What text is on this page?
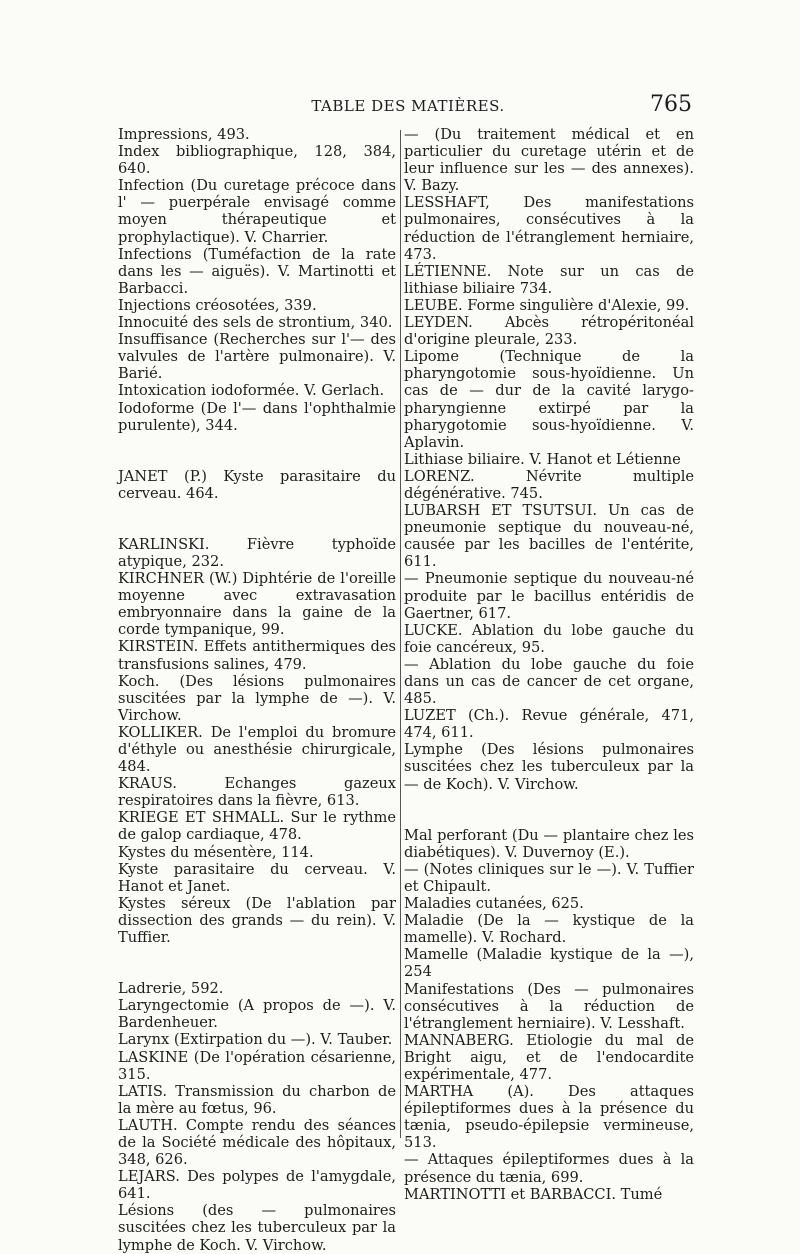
TABLE DES MATIÈRES.	765

Impressions, 493.

Index bibliographique, 128, 384, 640.

Infection (Du curetage précoce dans l' — puerpérale envisagé comme moyen thérapeutique et prophylactique). V. Charrier.

Infections (Tuméfaction de la rate dans les — aiguës). V. Martinotti et Barbacci.

Injections créosotées, 339.

Innocuité des sels de strontium, 340.

Insuffisance (Recherches sur l'— des valvules de l'artère pulmonaire). V. Barié.

Intoxication iodoformée. V. Gerlach.

Iodoforme (De l'— dans l'ophthalmie purulente), 344.

JANET (P.) Kyste parasitaire du cerveau. 464.

KARLINSKI. Fièvre typhoïde atypique, 232.

KIRCHNER (W.) Diphtérie de l'oreille moyenne avec extravasation embryonnaire dans la gaine de la corde tympanique, 99.

KIRSTEIN. Effets antithermiques des transfusions salines, 479.

Koch. (Des lésions pulmonaires suscitées par la lymphe de —). V. Virchow.

KOLLIKER. De l'emploi du bromure d'éthyle ou anesthésie chirurgicale, 484.

KRAUS. Echanges gazeux respiratoires dans la fièvre, 613.

KRIEGE ET SHMALL. Sur le rythme de galop cardiaque, 478.

Kystes du mésentère, 114.

Kyste parasitaire du cerveau. V. Hanot et Janet.

Kystes séreux (De l'ablation par dissection des grands — du rein). V. Tuffier.

Ladrerie, 592.

Laryngectomie (A propos de —). V. Bardenheuer.

Larynx (Extirpation du —). V. Tauber.

LASKINE (De l'opération césarienne, 315.

LATIS. Transmission du charbon de la mère au fœtus, 96.

LAUTH. Compte rendu des séances de la Société médicale des hôpitaux, 348, 626.

LEJARS. Des polypes de l'amygdale, 641.

Lésions (des — pulmonaires suscitées chez les tuberculeux par la lymphe de Koch. V. Virchow.

— (Du traitement médical et en particulier du curetage utérin et de leur influence sur les — des annexes). V. Bazy.

LESSHAFT, Des manifestations pulmonaires, consécutives à la réduction de l'étranglement herniaire, 473.

LÉTIENNE. Note sur un cas de lithiase biliaire 734.

LEUBE. Forme singulière d'Alexie, 99.

LEYDEN. Abcès rétropéritonéal d'origine pleurale, 233.

Lipome (Technique de la pharyngotomie sous-hyoïdienne. Un cas de — dur de la cavité larygo-pharyngienne extirpé par la pharygotomie sous-hyoïdienne. V. Aplavin.

Lithiase biliaire. V. Hanot et Létienne

LORENZ. Névrite multiple dégénérative. 745.

LUBARSH ET TSUTSUI. Un cas de pneumonie septique du nouveau-né, causée par les bacilles de l'entérite, 611.

— Pneumonie septique du nouveau-né produite par le bacillus entéridis de Gaertner, 617.

LUCKE. Ablation du lobe gauche du foie cancéreux, 95.

— Ablation du lobe gauche du foie dans un cas de cancer de cet organe, 485.

LUZET (Ch.). Revue générale, 471, 474, 611.

Lymphe (Des lésions pulmonaires suscitées chez les tuberculeux par la — de Koch). V. Virchow.

Mal perforant (Du — plantaire chez les diabétiques). V. Duvernoy (E.).

— (Notes cliniques sur le —). V. Tuffier et Chipault.

Maladies cutanées, 625.

Maladie (De la — kystique de la mamelle). V. Rochard.

Mamelle (Maladie kystique de la —), 254

Manifestations (Des — pulmonaires consécutives à la réduction de l'étranglement herniaire). V. Lesshaft.

MANNABERG. Etiologie du mal de Bright aigu, et de l'endocardite expérimentale, 477.

MARTHA (A). Des attaques épileptiformes dues à la présence du tænia, pseudo-épilepsie vermineuse, 513.

— Attaques épileptiformes dues à la présence du tænia, 699.

MARTINOTTI et BARBACCI. Tumé
